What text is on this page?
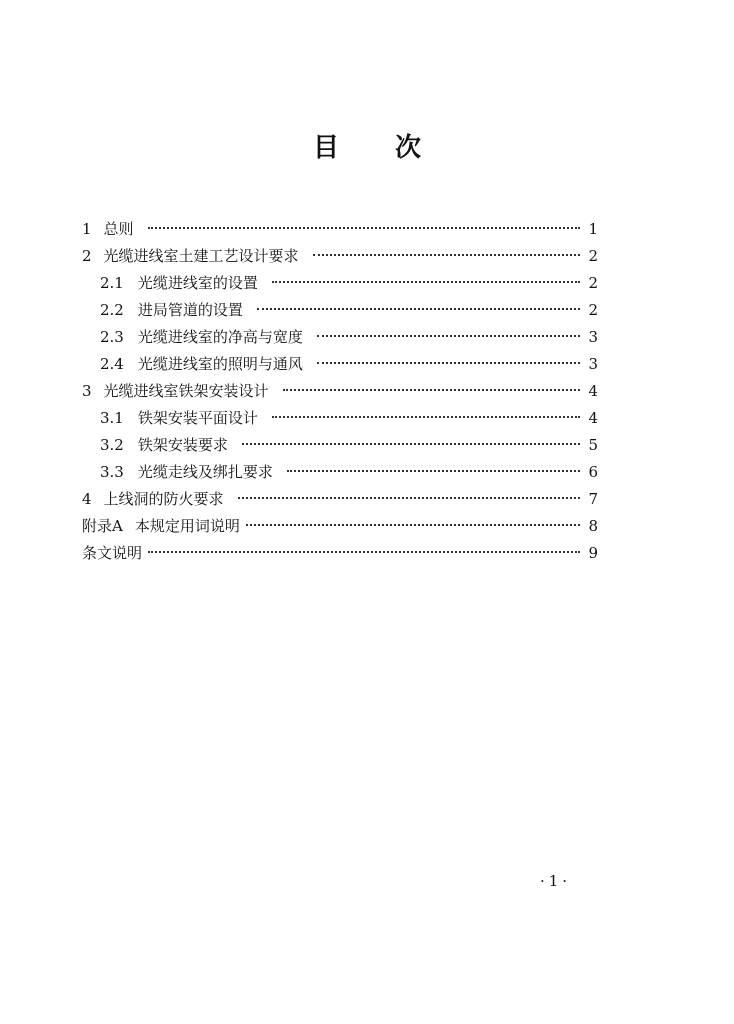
目 次
1 总则	1
2 光缆进线室土建工艺设计要求	2
2.1 光缆进线室的设置	2
2.2 进局管道的设置	2
2.3 光缆进线室的净高与宽度	3
2.4 光缆进线室的照明与通风	3
3 光缆进线室铁架安装设计	4
3.1 铁架安装平面设计	4
3.2 铁架安装要求	5
3.3 光缆走线及绑扎要求	6
4 上线洞的防火要求	7
附录A 本规定用词说明	8
条文说明	9
·1·
